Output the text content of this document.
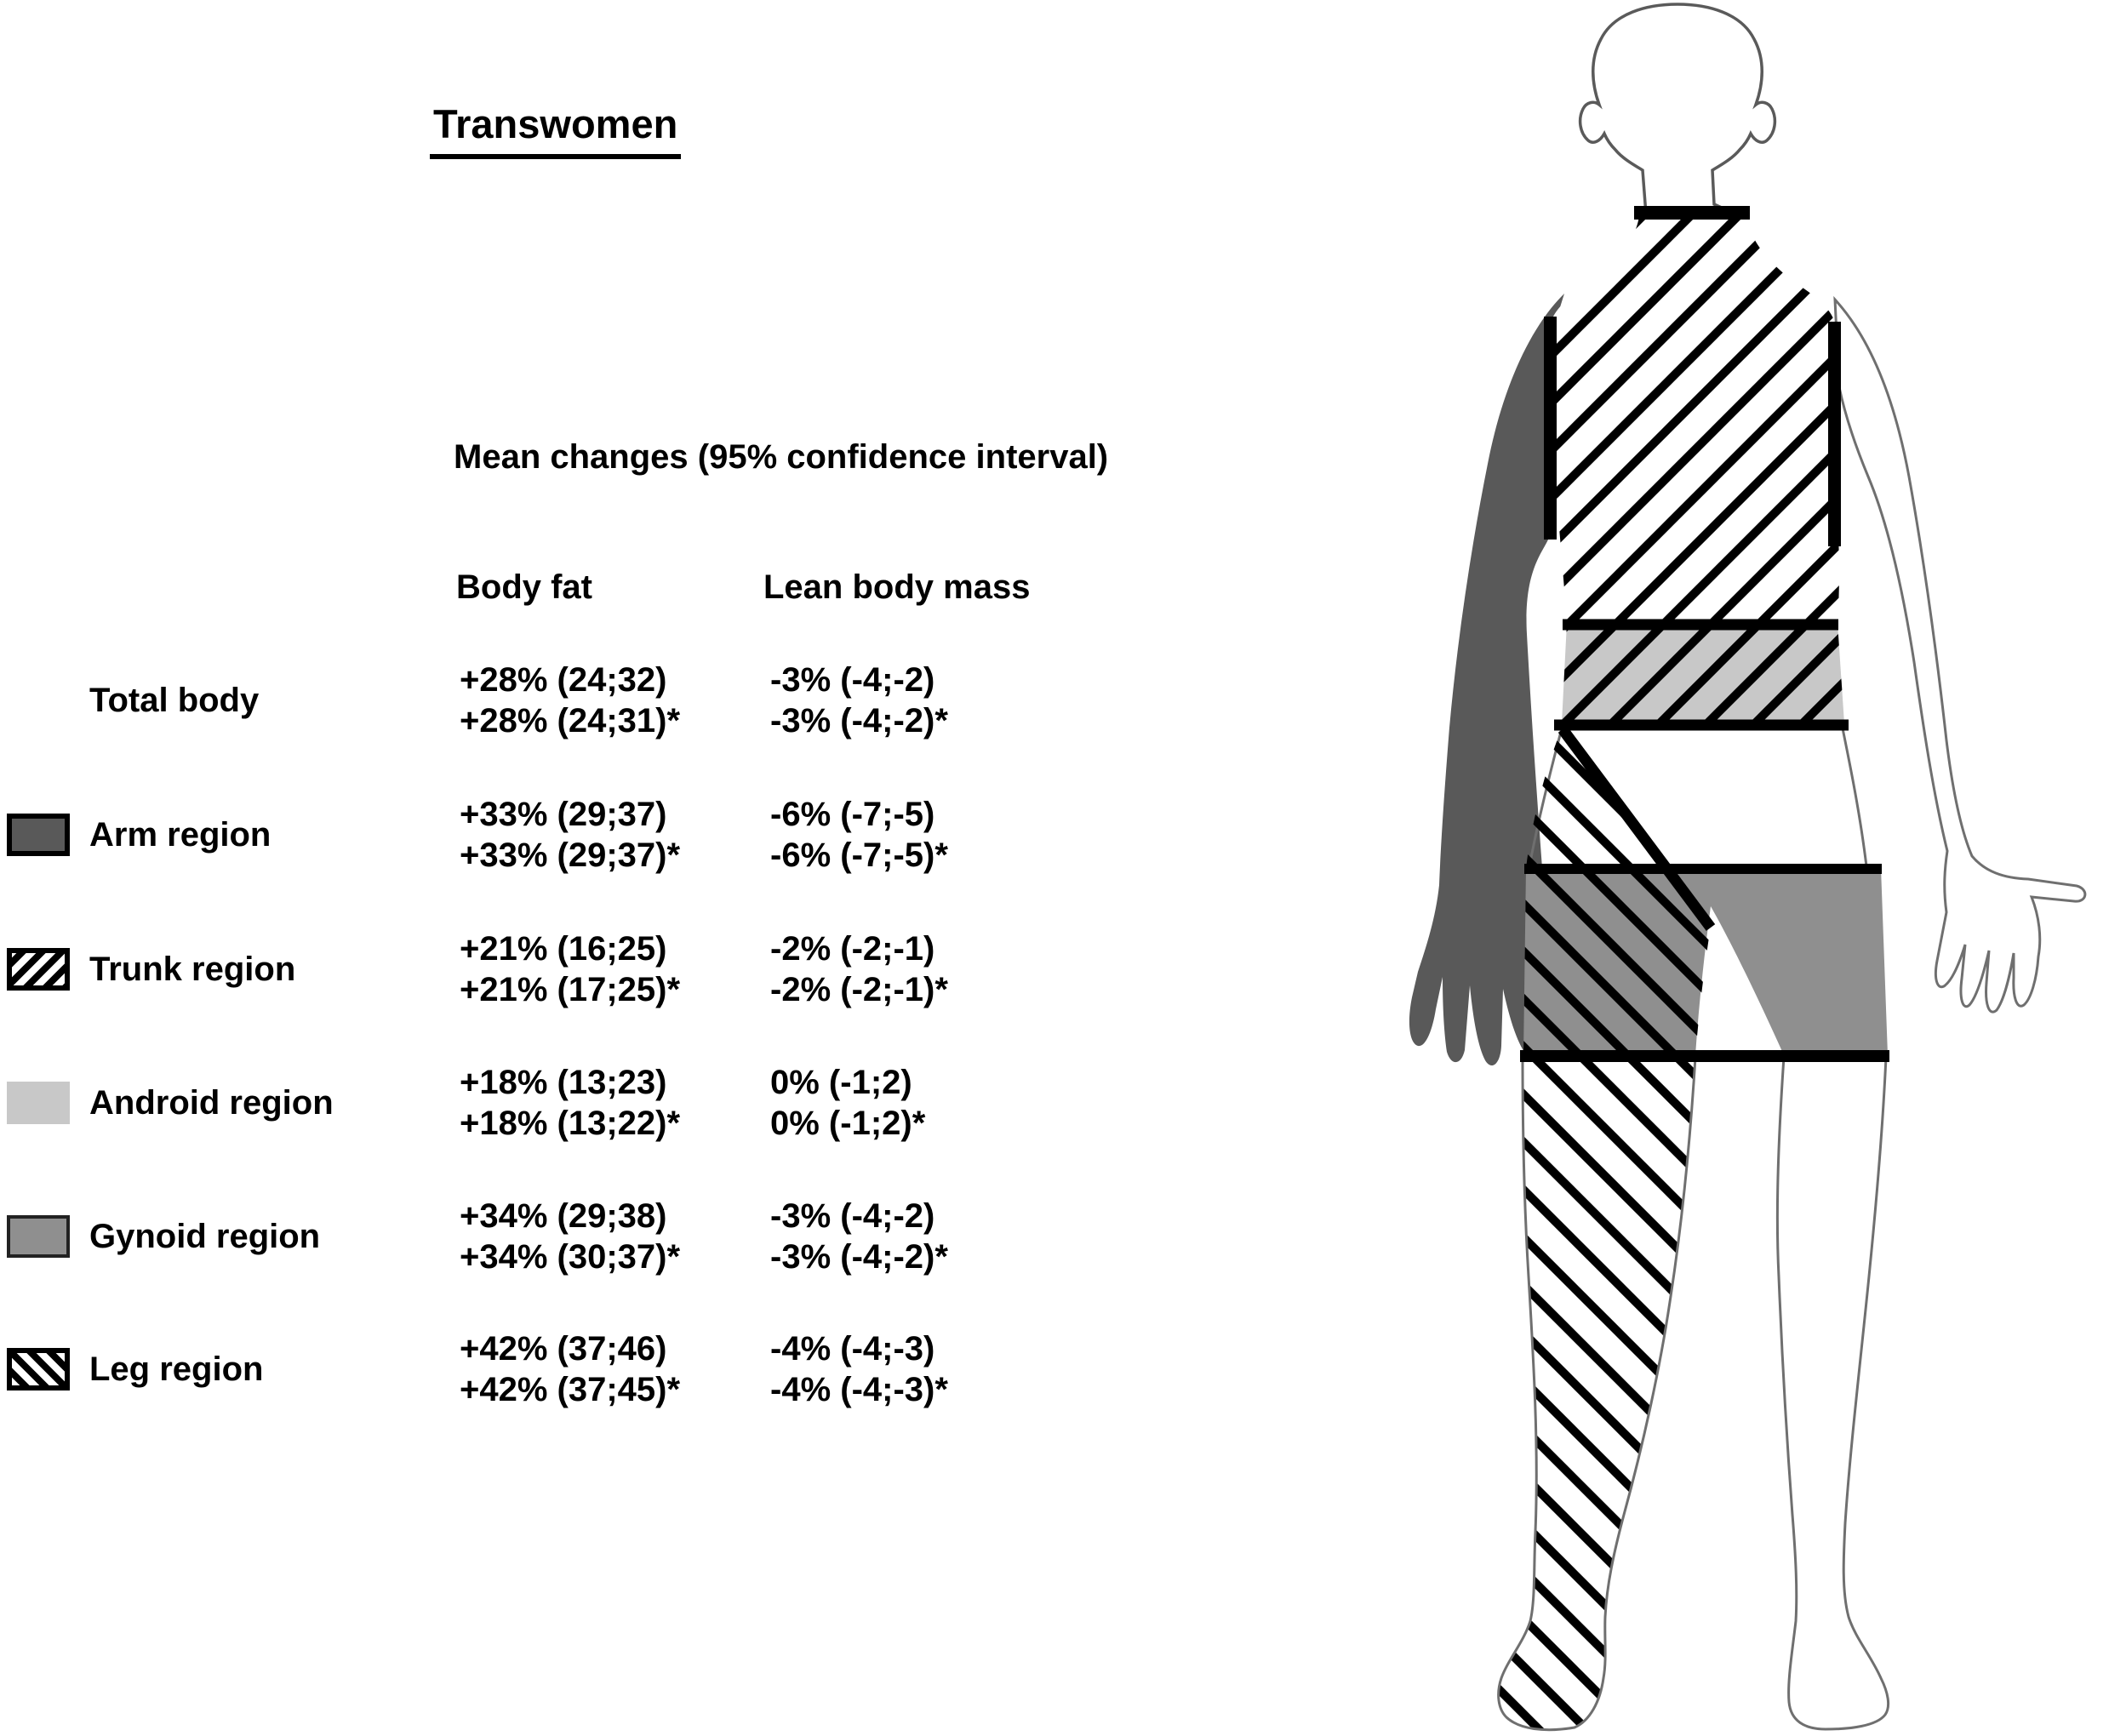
Transwomen
Mean changes (95% confidence interval)
Body fat	Lean body mass
Total body
+28% (24;32)
+28% (24;31)*
-3% (-4;-2)
-3% (-4;-2)*
Arm region
+33% (29;37)
+33% (29;37)*
-6% (-7;-5)
-6% (-7;-5)*
Trunk region
+21% (16;25)
+21% (17;25)*
-2% (-2;-1)
-2% (-2;-1)*
Android region
+18% (13;23)
+18% (13;22)*
0% (-1;2)
0% (-1;2)*
Gynoid region
+34% (29;38)
+34% (30;37)*
-3% (-4;-2)
-3% (-4;-2)*
Leg region
+42% (37;46)
+42% (37;45)*
-4% (-4;-3)
-4% (-4;-3)*
